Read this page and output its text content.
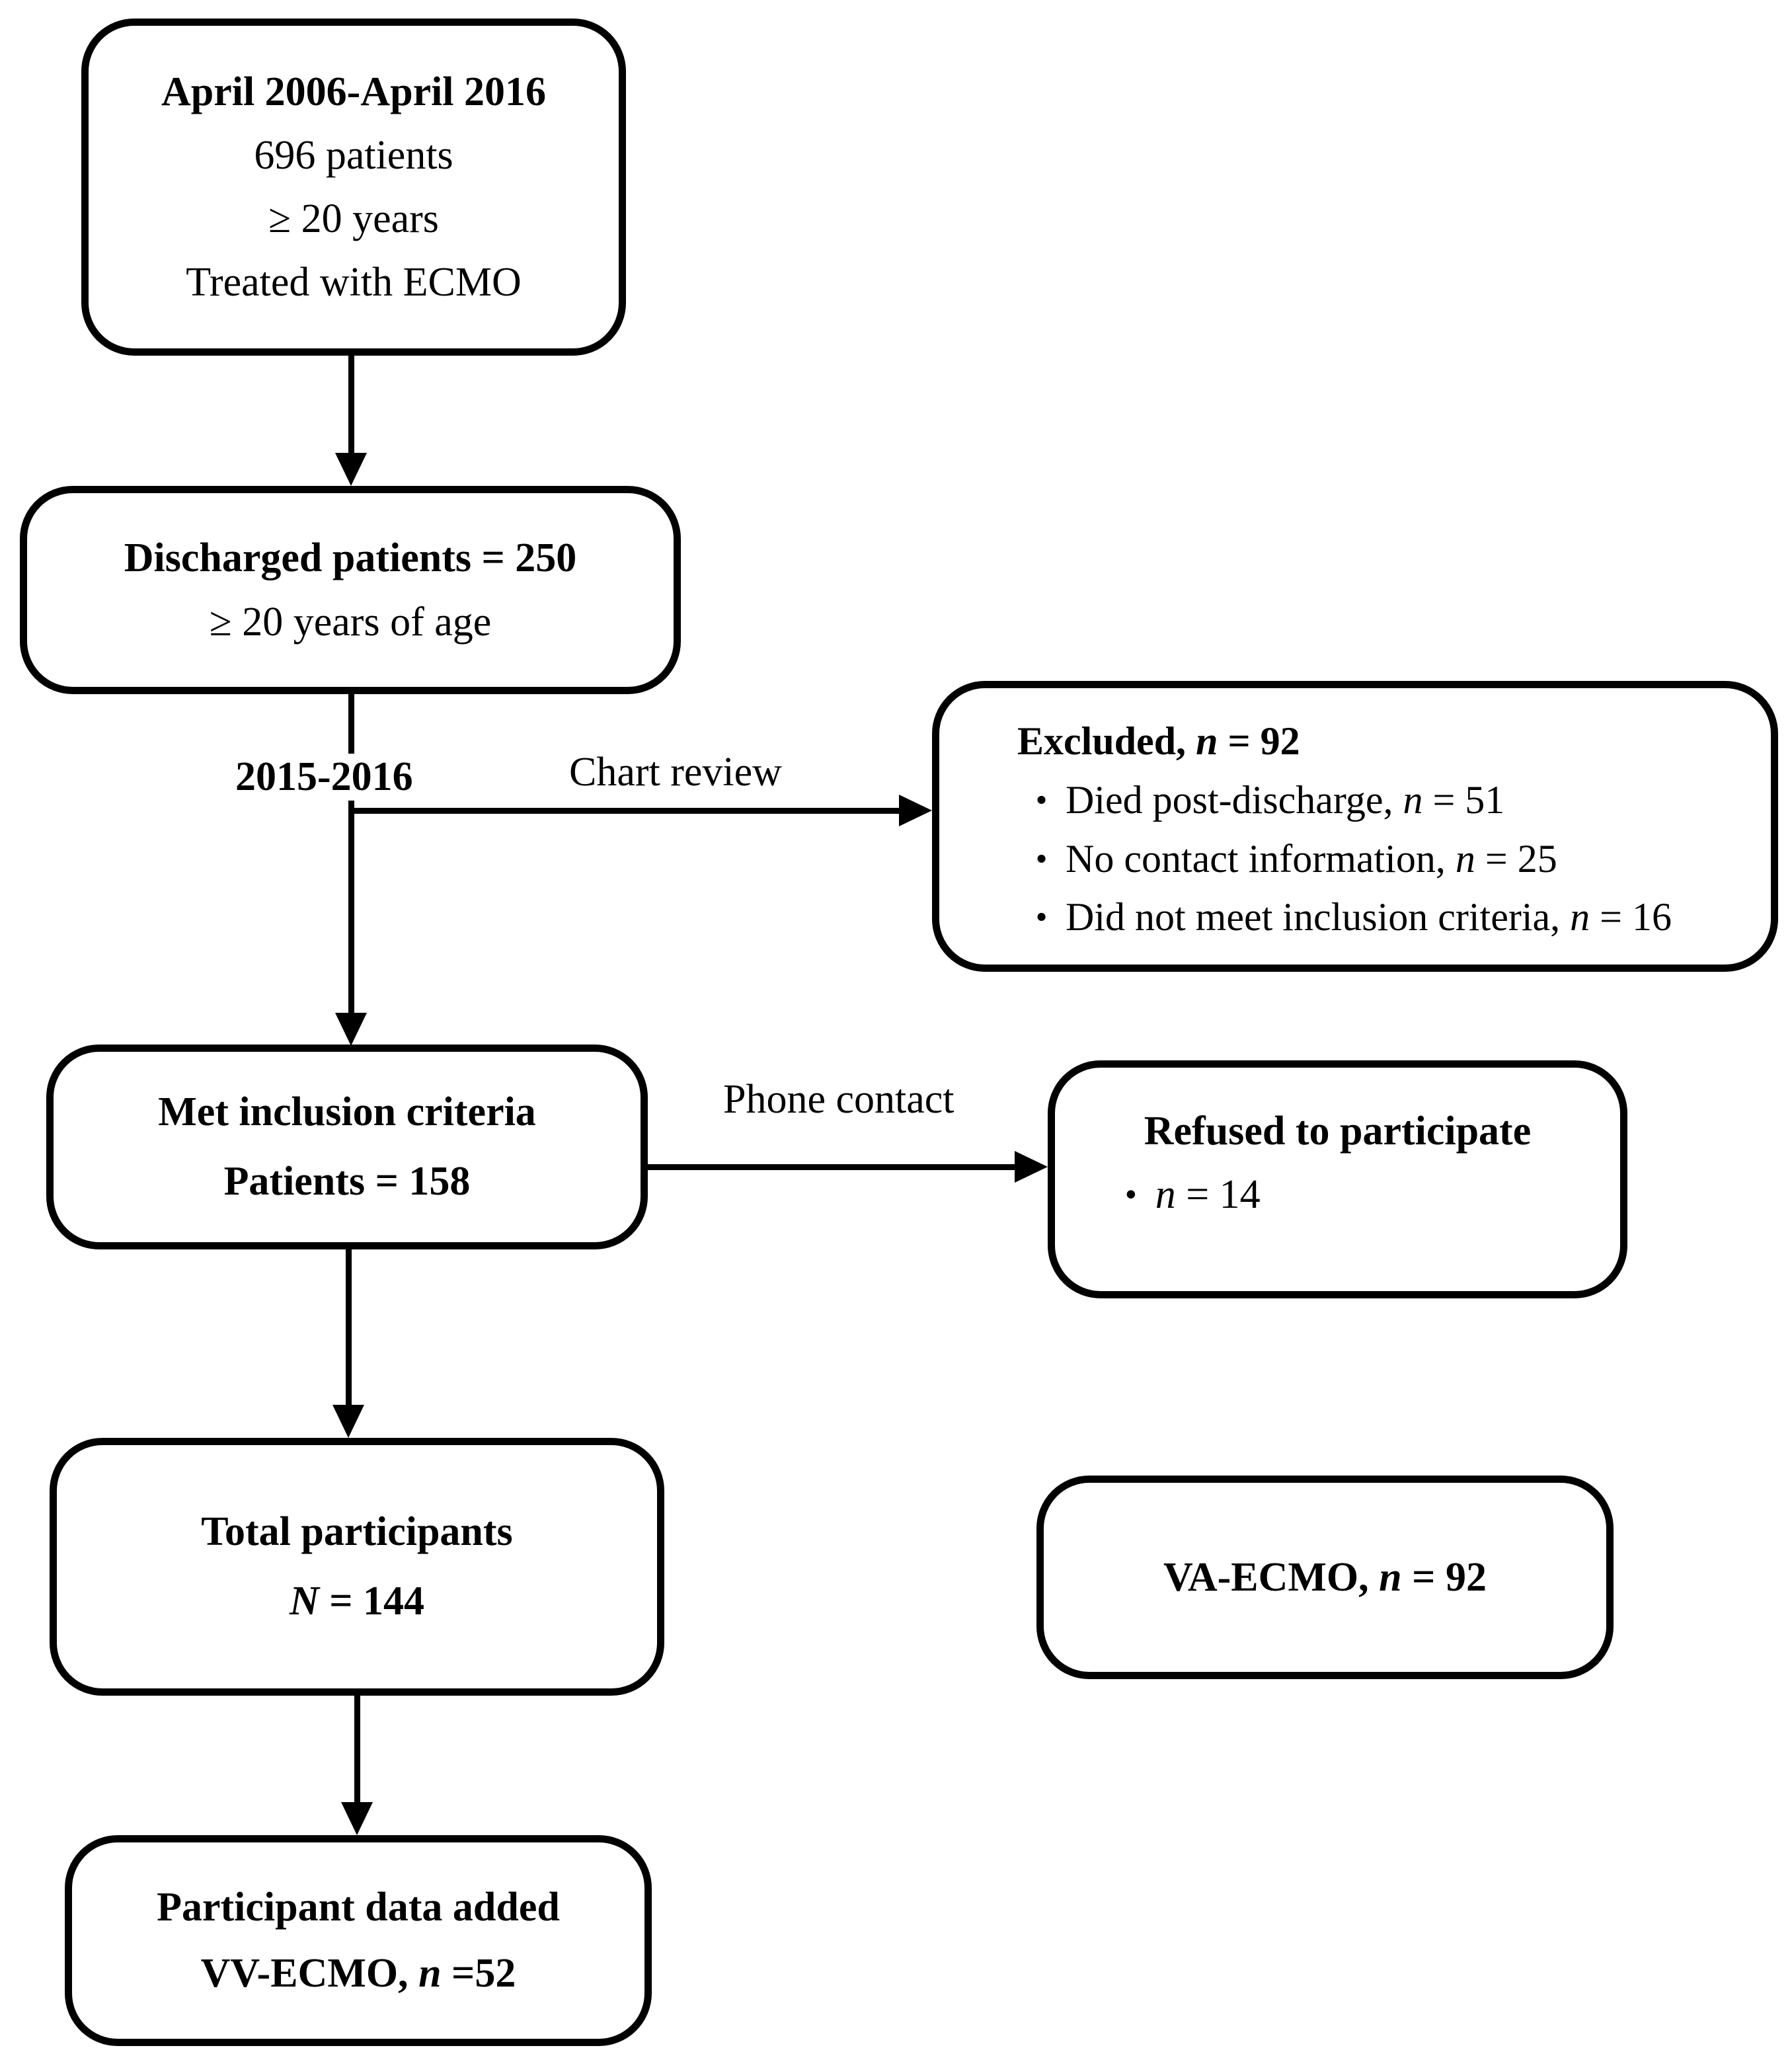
2015-2016	Chart review
Phone contact
April 2006-April 2016
696 patients
≥ 20 years
Treated with ECMO
Discharged patients = 250
≥ 20 years of age
Excluded, n = 92
• Died post-discharge, n = 51
• No contact information, n = 25
• Did not meet inclusion criteria, n = 16
Met inclusion criteria
Patients = 158
Refused to participate
• n = 14
Total participants
N = 144
VA-ECMO, n = 92
Participant data added
VV-ECMO, n =52
